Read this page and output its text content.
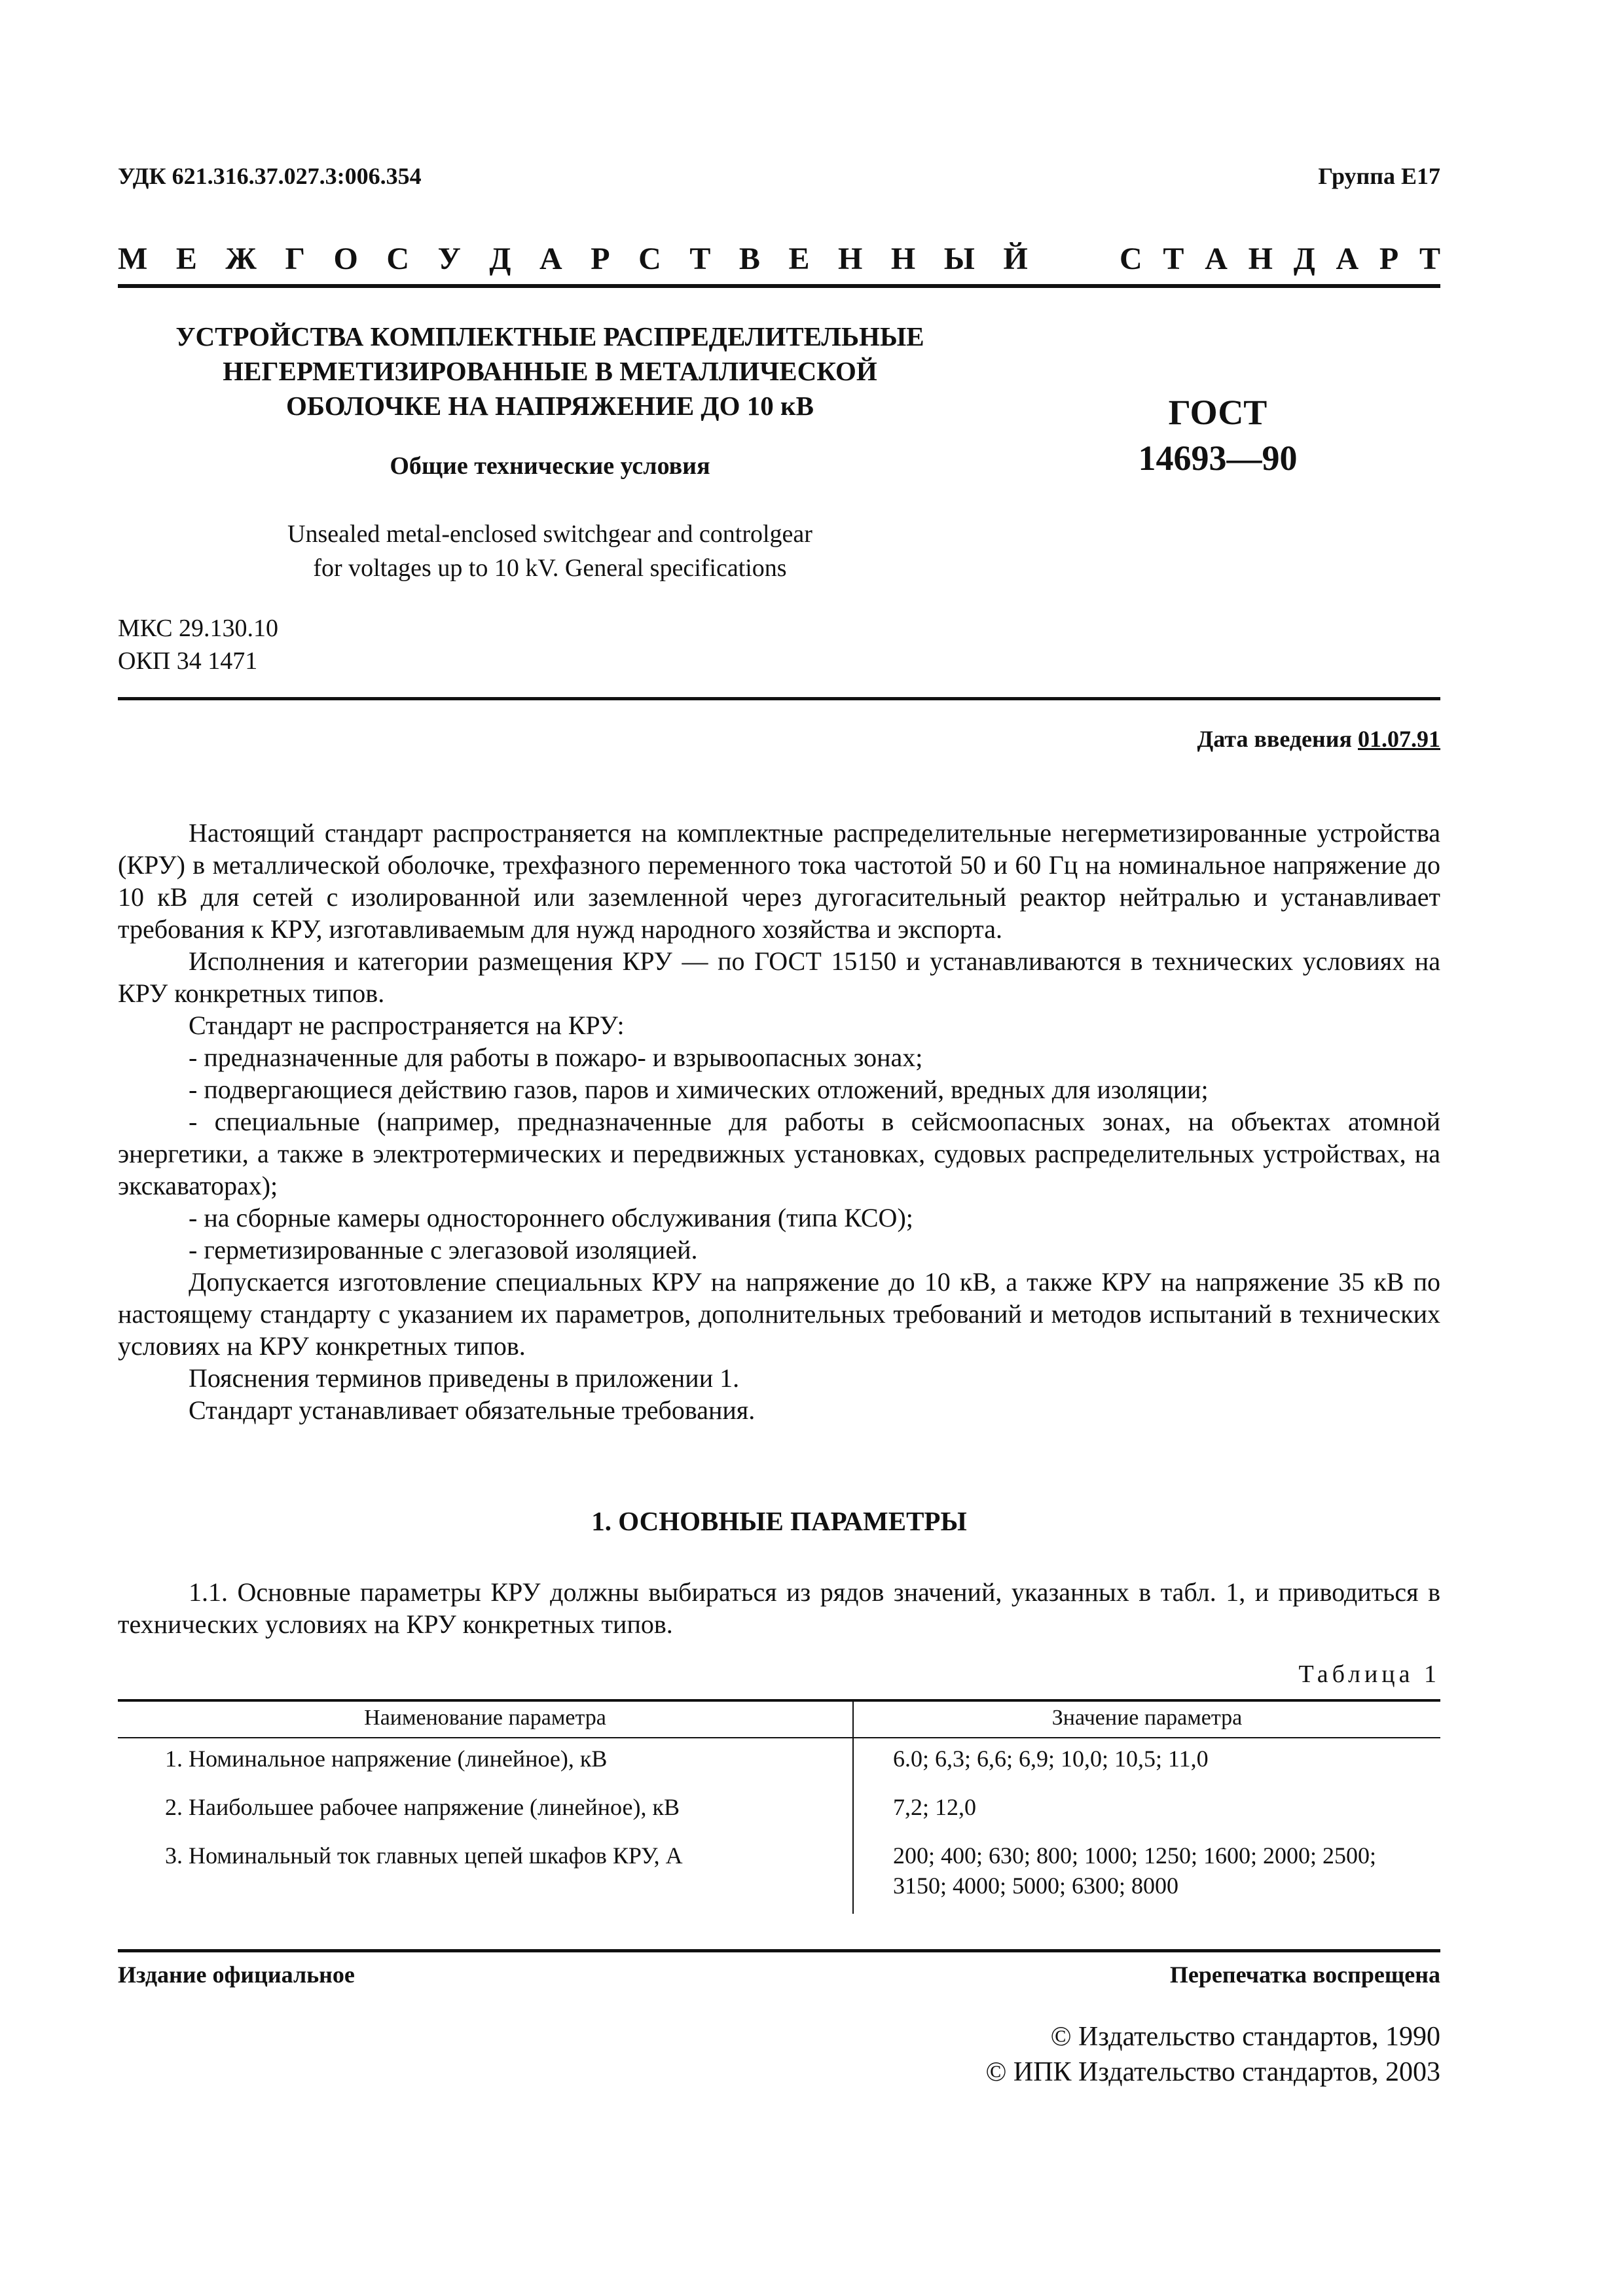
УДК 621.316.37.027.3:006.354	Группа Е17
М Е Ж Г О С У Д А Р С Т В Е Н Н Ы Й	С Т А Н Д А Р Т
УСТРОЙСТВА КОМПЛЕКТНЫЕ РАСПРЕДЕЛИТЕЛЬНЫЕ
НЕГЕРМЕТИЗИРОВАННЫЕ В МЕТАЛЛИЧЕСКОЙ
ОБОЛОЧКЕ НА НАПРЯЖЕНИЕ ДО 10 кВ
Общие технические условия
Unsealed metal-enclosed switchgear and controlgear
for voltages up to 10 kV. General specifications
ГОСТ
14693—90
МКС 29.130.10
ОКП 34 1471
Дата введения 01.07.91

Настоящий стандарт распространяется на комплектные распределительные негерметизированные устройства (КРУ) в металлической оболочке, трехфазного переменного тока частотой 50 и 60 Гц на номинальное напряжение до 10 кВ для сетей с изолированной или заземленной через дугогасительный реактор нейтралью и устанавливает требования к КРУ, изготавливаемым для нужд народного хозяйства и экспорта.

Исполнения и категории размещения КРУ — по ГОСТ 15150 и устанавливаются в технических условиях на КРУ конкретных типов.

Стандарт не распространяется на КРУ:

- предназначенные для работы в пожаро- и взрывоопасных зонах;

- подвергающиеся действию газов, паров и химических отложений, вредных для изоляции;

- специальные (например, предназначенные для работы в сейсмоопасных зонах, на объектах атомной энергетики, а также в электротермических и передвижных установках, судовых распределительных устройствах, на экскаваторах);

- на сборные камеры одностороннего обслуживания (типа КСО);

- герметизированные с элегазовой изоляцией.

Допускается изготовление специальных КРУ на напряжение до 10 кВ, а также КРУ на напряжение 35 кВ по настоящему стандарту с указанием их параметров, дополнительных требований и методов испытаний в технических условиях на КРУ конкретных типов.

Пояснения терминов приведены в приложении 1.

Стандарт устанавливает обязательные требования.

1. ОСНОВНЫЕ ПАРАМЕТРЫ

1.1. Основные параметры КРУ должны выбираться из рядов значений, указанных в табл. 1, и приводиться в технических условиях на КРУ конкретных типов.

Таблица 1
Наименование параметра	Значение параметра
1. Номинальное напряжение (линейное), кВ	6.0; 6,3; 6,6; 6,9; 10,0; 10,5; 11,0
2. Наибольшее рабочее напряжение (линейное), кВ	7,2; 12,0
3. Номинальный ток главных цепей шкафов КРУ, А	200; 400; 630; 800; 1000; 1250; 1600; 2000; 2500; 3150; 4000; 5000; 6300; 8000
Издание официальное	Перепечатка воспрещена
© Издательство стандартов, 1990
© ИПК Издательство стандартов, 2003
